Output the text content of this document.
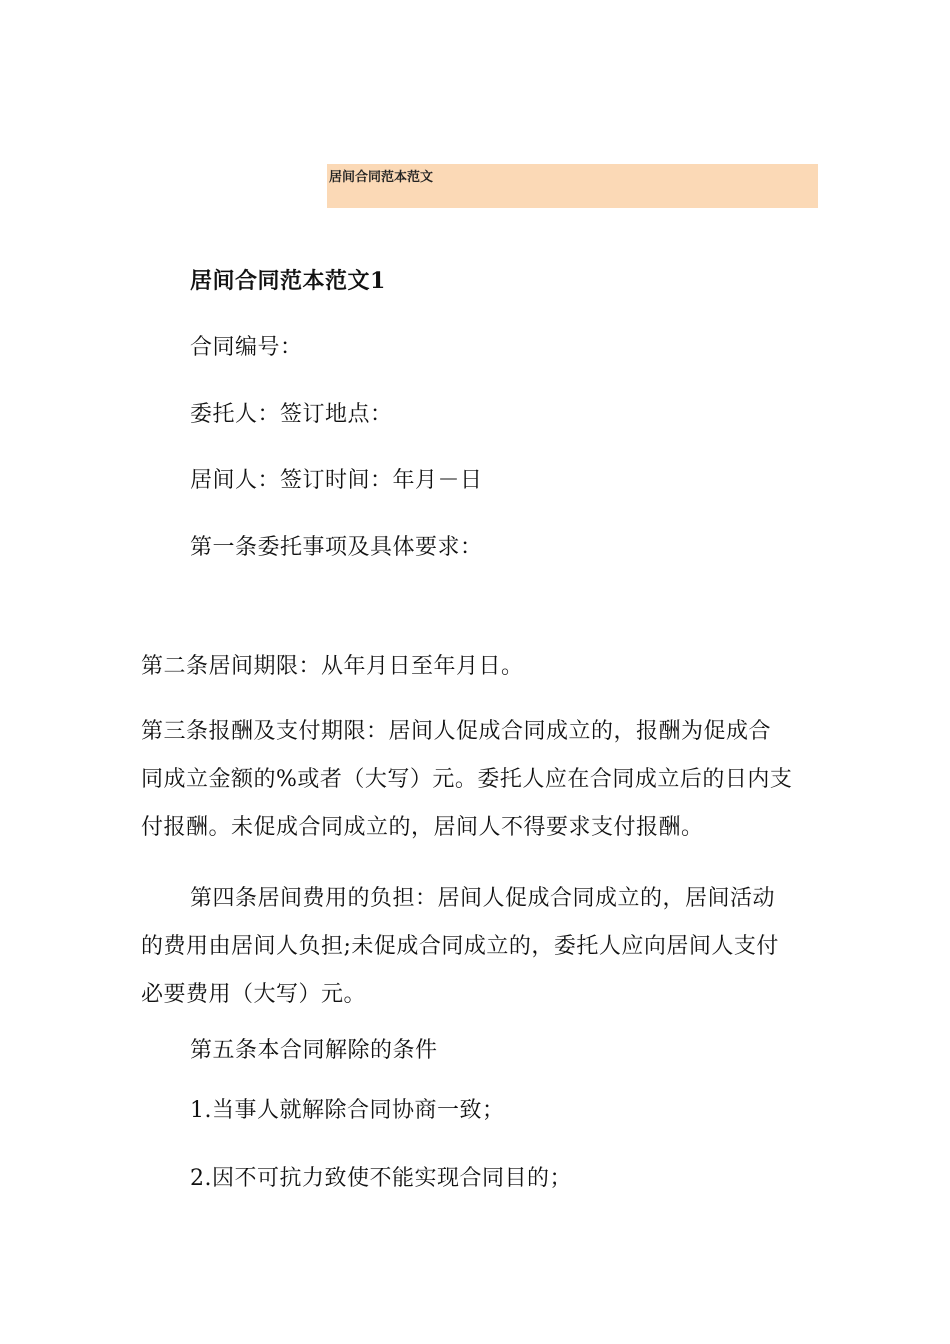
居间合同范本范文
居间合同范本范文1
合同编号：
委托人：签订地点：
居间人：签订时间：年月－日
第一条委托事项及具体要求：
第二条居间期限：从年月日至年月日。
第三条报酬及支付期限：居间人促成合同成立的，报酬为促成合
同成立金额的%或者（大写）元。委托人应在合同成立后的日内支
付报酬。未促成合同成立的，居间人不得要求支付报酬。
第四条居间费用的负担：居间人促成合同成立的，居间活动
的费用由居间人负担;未促成合同成立的，委托人应向居间人支付
必要费用（大写）元。
第五条本合同解除的条件
1.当事人就解除合同协商一致；
2.因不可抗力致使不能实现合同目的；
